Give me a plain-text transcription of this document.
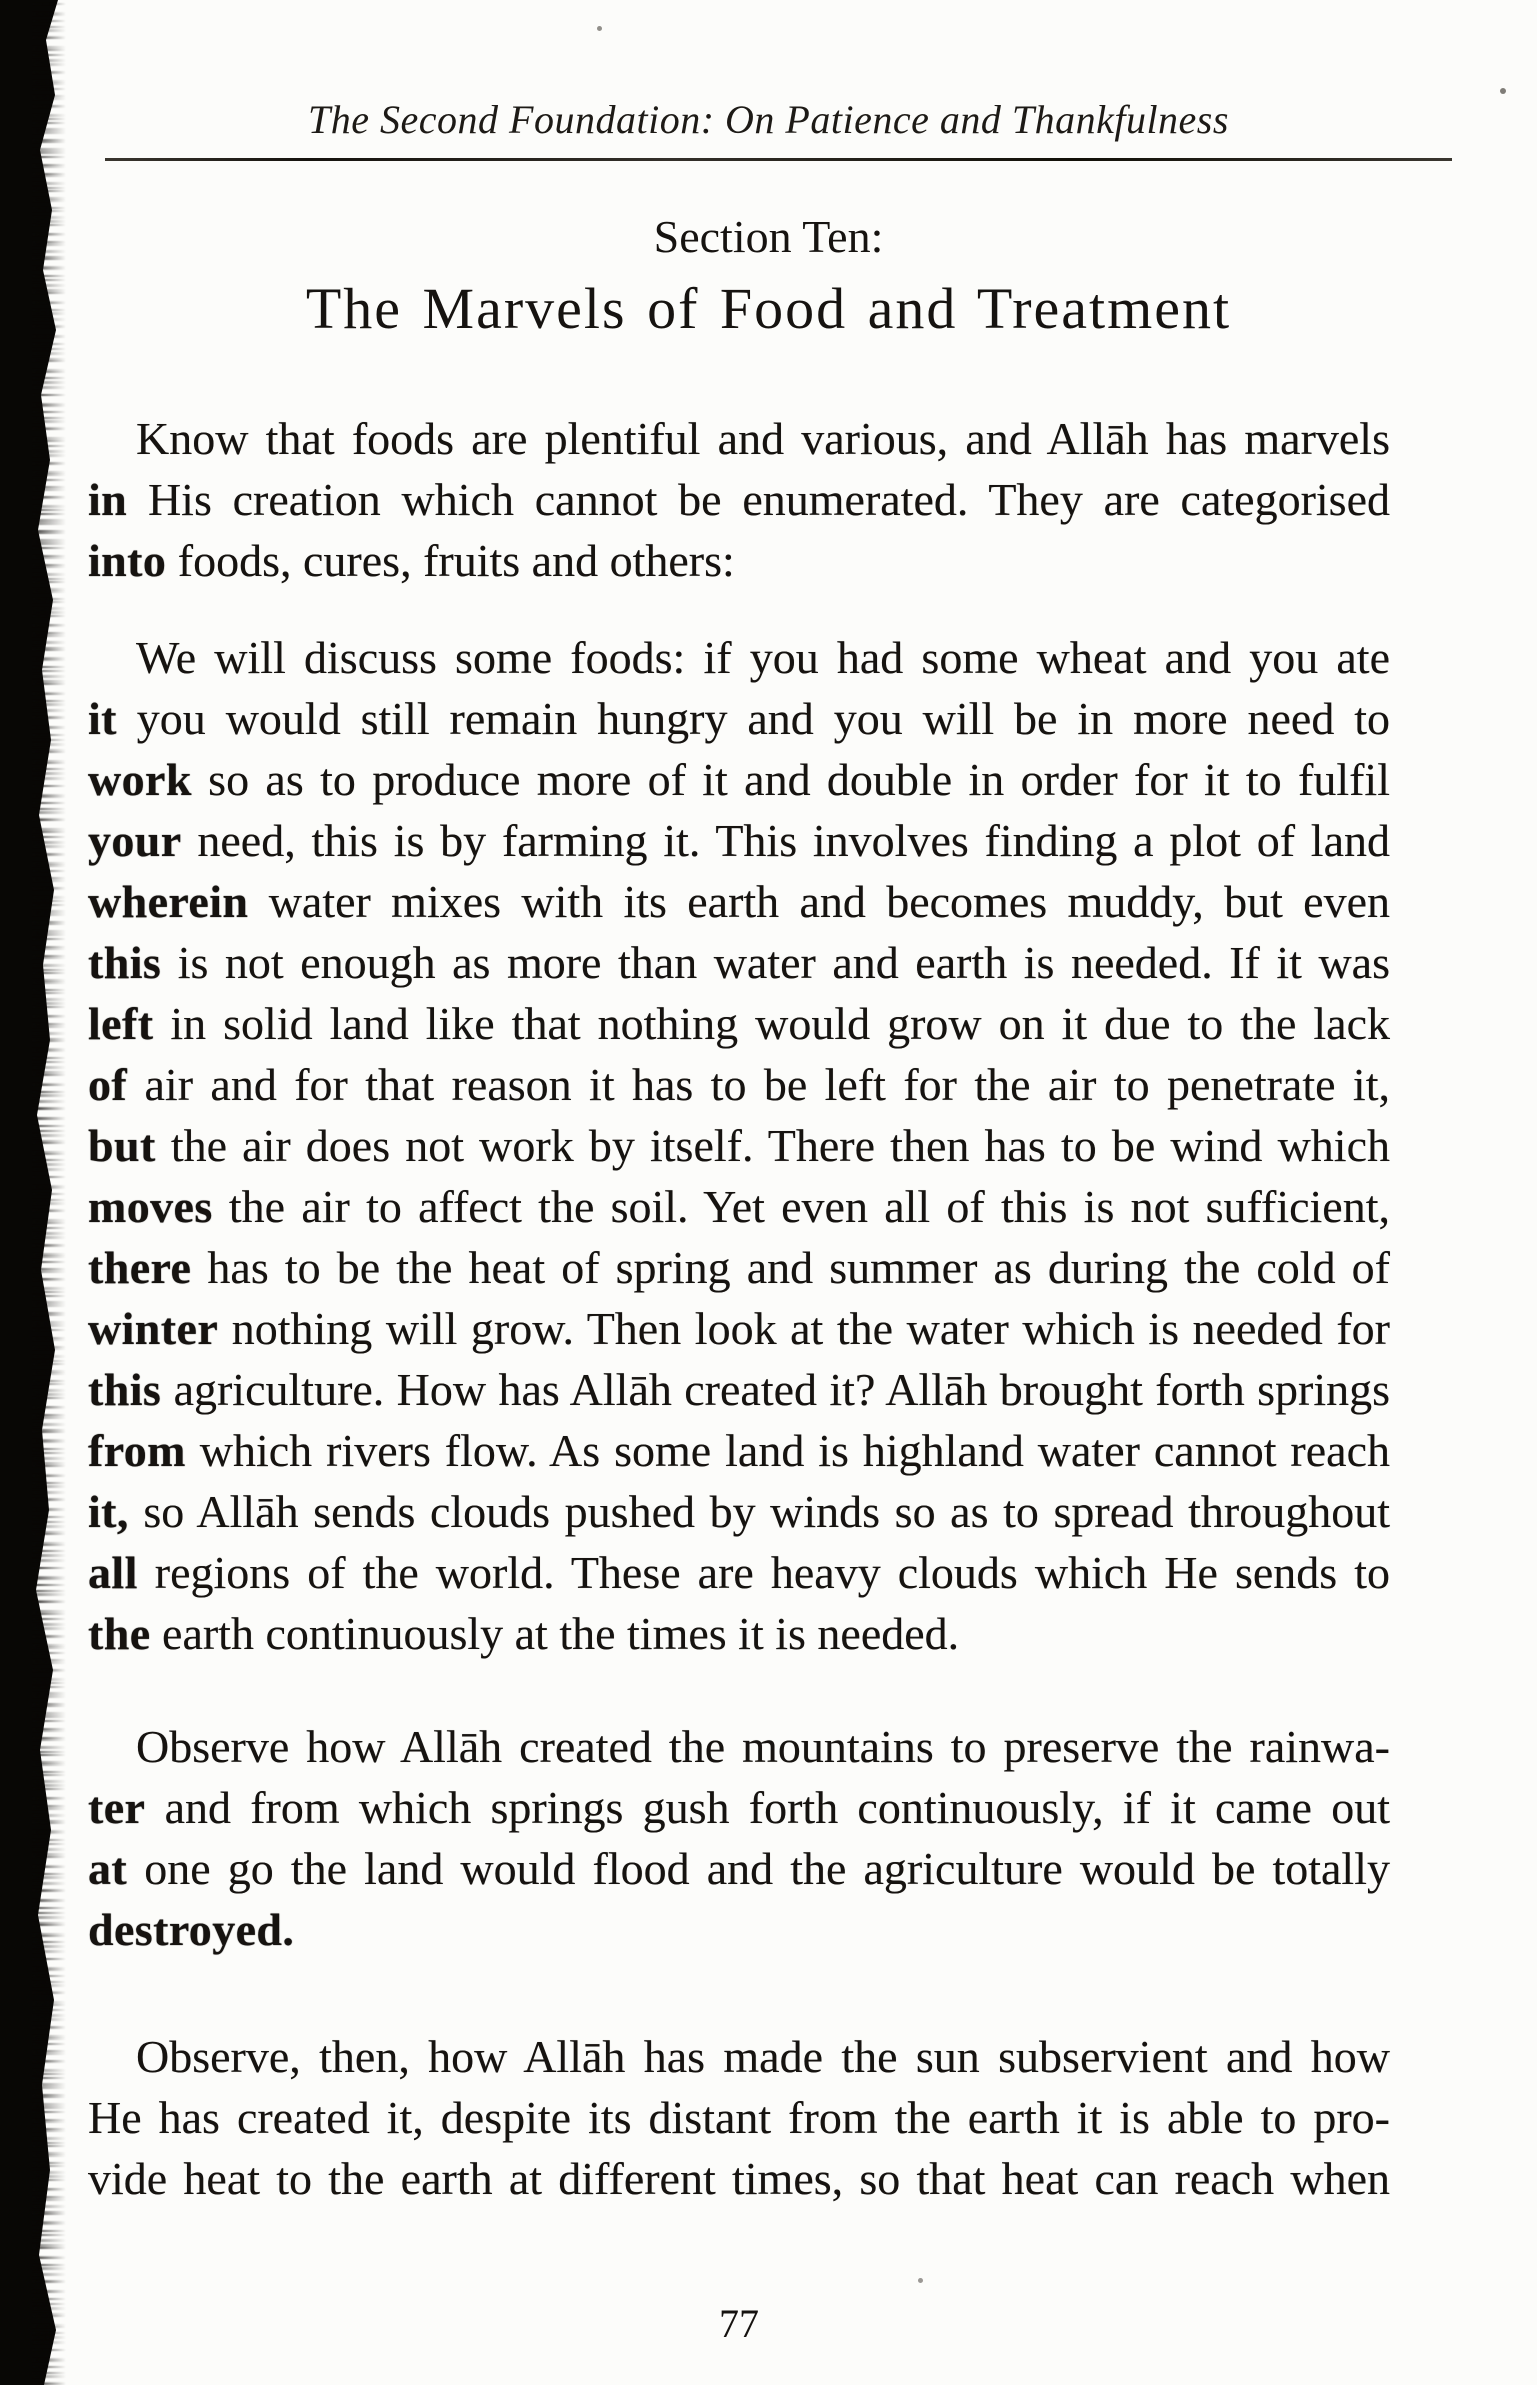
The Second Foundation: On Patience and Thankfulness
Section Ten:
The Marvels of Food and Treatment
Know that foods are plentiful and various, and Allāh has marvels
in His creation which cannot be enumerated. They are categorised
into foods, cures, fruits and others:
We will discuss some foods: if you had some wheat and you ate
it you would still remain hungry and you will be in more need to
work so as to produce more of it and double in order for it to fulfil
your need, this is by farming it. This involves finding a plot of land
wherein water mixes with its earth and becomes muddy, but even
this is not enough as more than water and earth is needed. If it was
left in solid land like that nothing would grow on it due to the lack
of air and for that reason it has to be left for the air to penetrate it,
but the air does not work by itself. There then has to be wind which
moves the air to affect the soil. Yet even all of this is not sufficient,
there has to be the heat of spring and summer as during the cold of
winter nothing will grow. Then look at the water which is needed for
this agriculture. How has Allāh created it? Allāh brought forth springs
from which rivers flow. As some land is highland water cannot reach
it, so Allāh sends clouds pushed by winds so as to spread throughout
all regions of the world. These are heavy clouds which He sends to
the earth continuously at the times it is needed.
Observe how Allāh created the mountains to preserve the rainwa-
ter and from which springs gush forth continuously, if it came out
at one go the land would flood and the agriculture would be totally
destroyed.
Observe, then, how Allāh has made the sun subservient and how
He has created it, despite its distant from the earth it is able to pro-
vide heat to the earth at different times, so that heat can reach when
77
